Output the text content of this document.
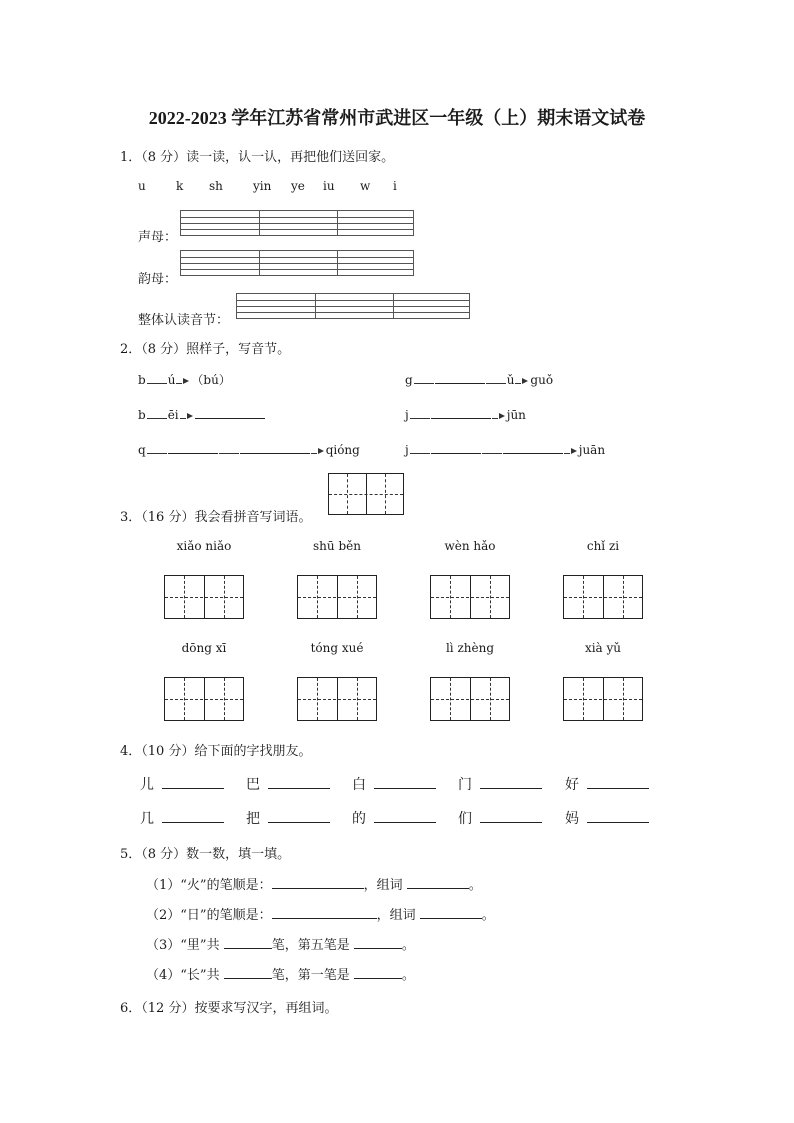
2022-2023 学年江苏省常州市武进区一年级（上）期末语文试卷
1．（8 分）读一读，认一认，再把他们送回家。
u	k sh	yin ye iu w i
声母：
韵母：
整体认读音节：
2．（8 分）照样子，写音节。
b ú （bú）	g	ǔ guǒ
b ēi	j	jūn
q	qióng	j	juān
3．（16 分）我会看拼音写词语。
xiǎo niǎo	shū běn	wèn hǎo	chǐ zi
dōng xī	tóng xué	lì zhèng	xià yǔ
4．（10 分）给下面的字找朋友。
儿	巴	白	门	好
几	把	的	们	妈
5．（8 分）数一数，填一填。
（1）“火”的笔顺是：	，组词	。
（2）“日”的笔顺是：	，组词	。
（3）“里”共	笔，第五笔是	。
（4）“长”共	笔，第一笔是	。
6．（12 分）按要求写汉字，再组词。
